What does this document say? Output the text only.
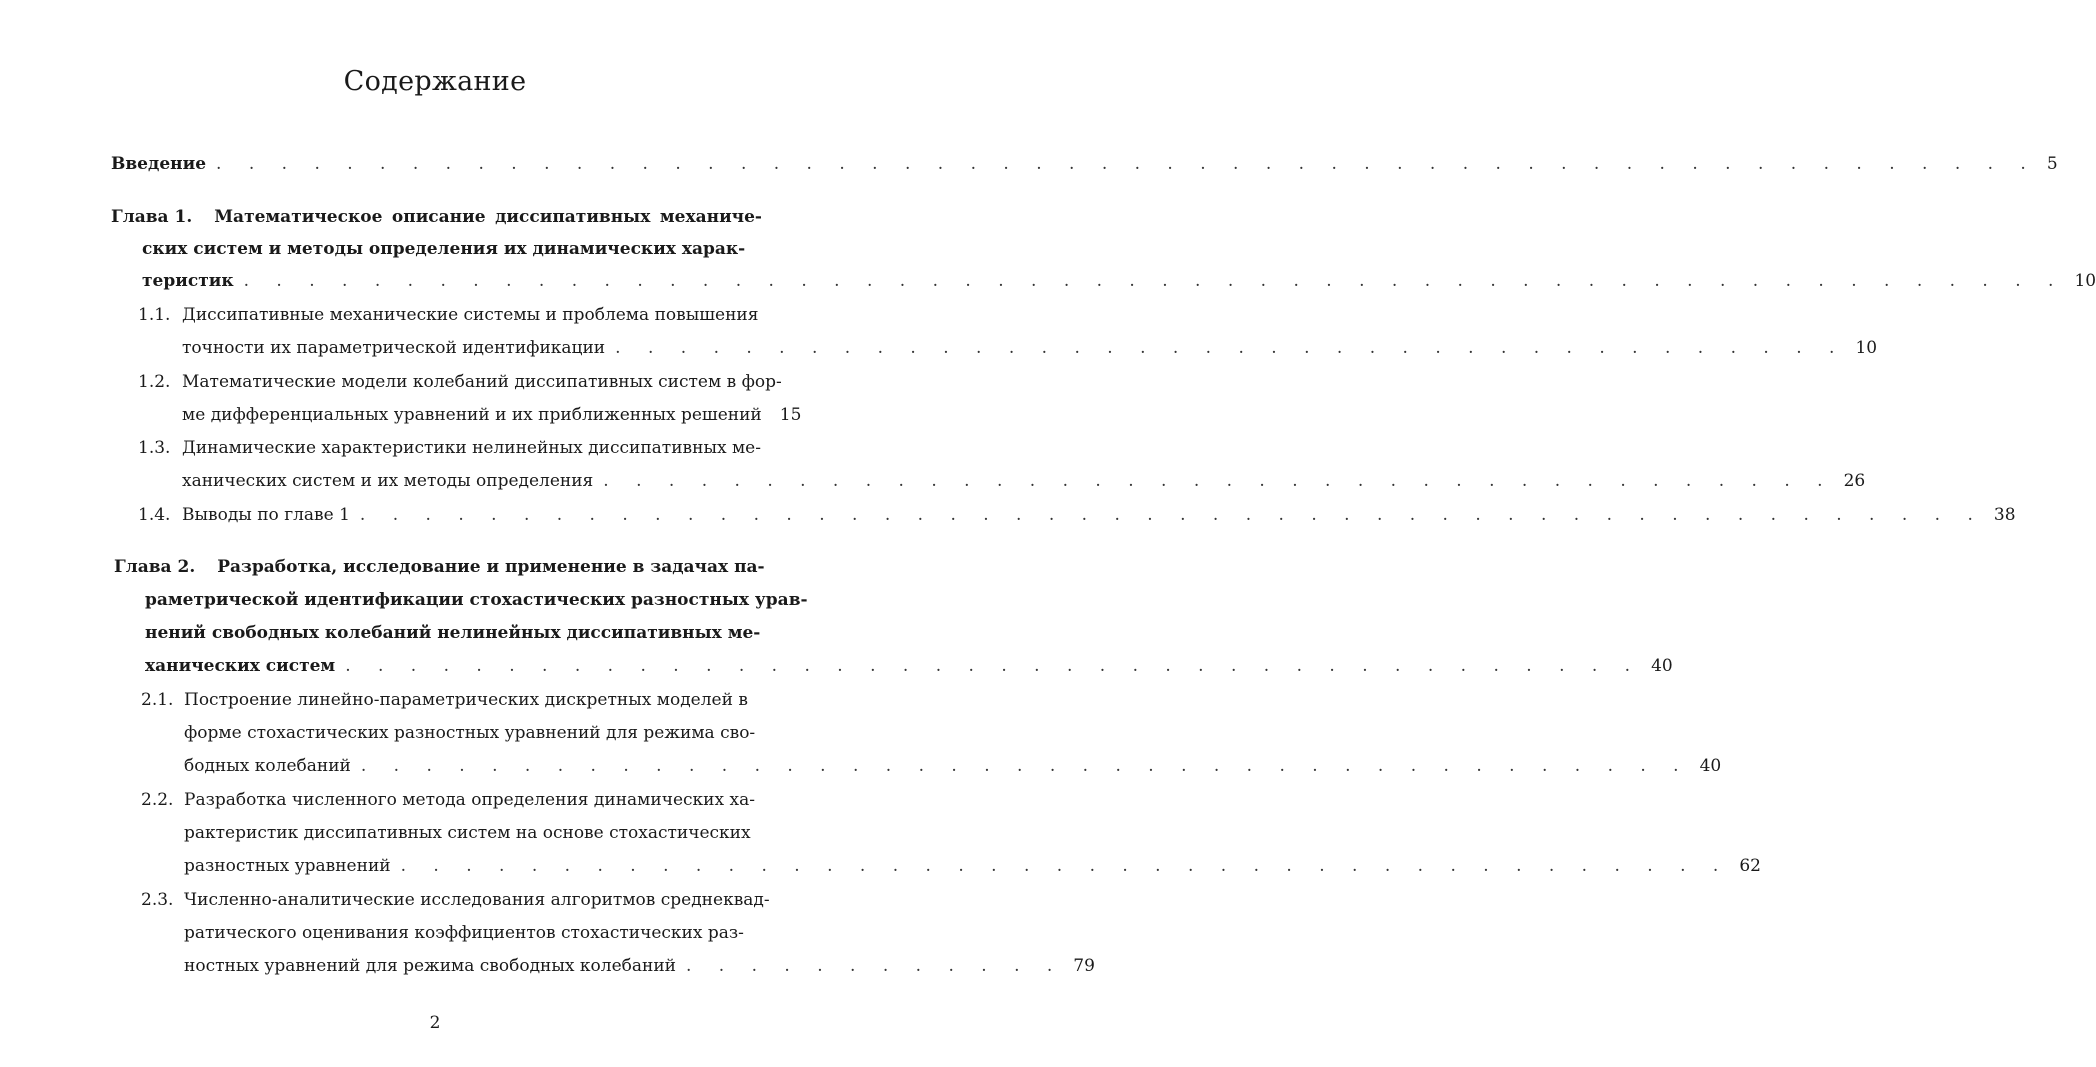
Содержание
Введение . . . . . . . . . . . . . . . . . . . . . . . . . . . . . . . . . . . . . . . . . . . . . . . . . . . . . . . . 5
Глава 1. Математическое описание диссипативных механиче-
ских систем и методы определения их динамических харак-
теристик . . . . . . . . . . . . . . . . . . . . . . . . . . . . . . . . . . . . . . . . . . . . . . . . . . . . . . . . 10
1.1. Диссипативные механические системы и проблема повышения
точности их параметрической идентификации . . . . . . . . . . . . . . . . . . . . . . . . . . . . . . . . . . . . . . 10
1.2. Математические модели колебаний диссипативных систем в фор-
ме дифференциальных уравнений и их приближенных решений 15
1.3. Динамические характеристики нелинейных диссипативных ме-
ханических систем и их методы определения . . . . . . . . . . . . . . . . . . . . . . . . . . . . . . . . . . . . . . 26
1.4. Выводы по главе 1 . . . . . . . . . . . . . . . . . . . . . . . . . . . . . . . . . . . . . . . . . . . . . . . . . . 38
Глава 2. Разработка, исследование и применение в задачах па-
раметрической идентификации стохастических разностных урав-
нений свободных колебаний нелинейных диссипативных ме-
ханических систем . . . . . . . . . . . . . . . . . . . . . . . . . . . . . . . . . . . . . . . . 40
2.1. Построение линейно-параметрических дискретных моделей в
форме стохастических разностных уравнений для режима сво-
бодных колебаний . . . . . . . . . . . . . . . . . . . . . . . . . . . . . . . . . . . . . . . . . 40
2.2. Разработка численного метода определения динамических ха-
рактеристик диссипативных систем на основе стохастических
разностных уравнений . . . . . . . . . . . . . . . . . . . . . . . . . . . . . . . . . . . . . . . . . 62
2.3. Численно-аналитические исследования алгоритмов среднеквад-
ратического оценивания коэффициентов стохастических раз-
ностных уравнений для режима свободных колебаний . . . . . . . . . . . . 79
2
